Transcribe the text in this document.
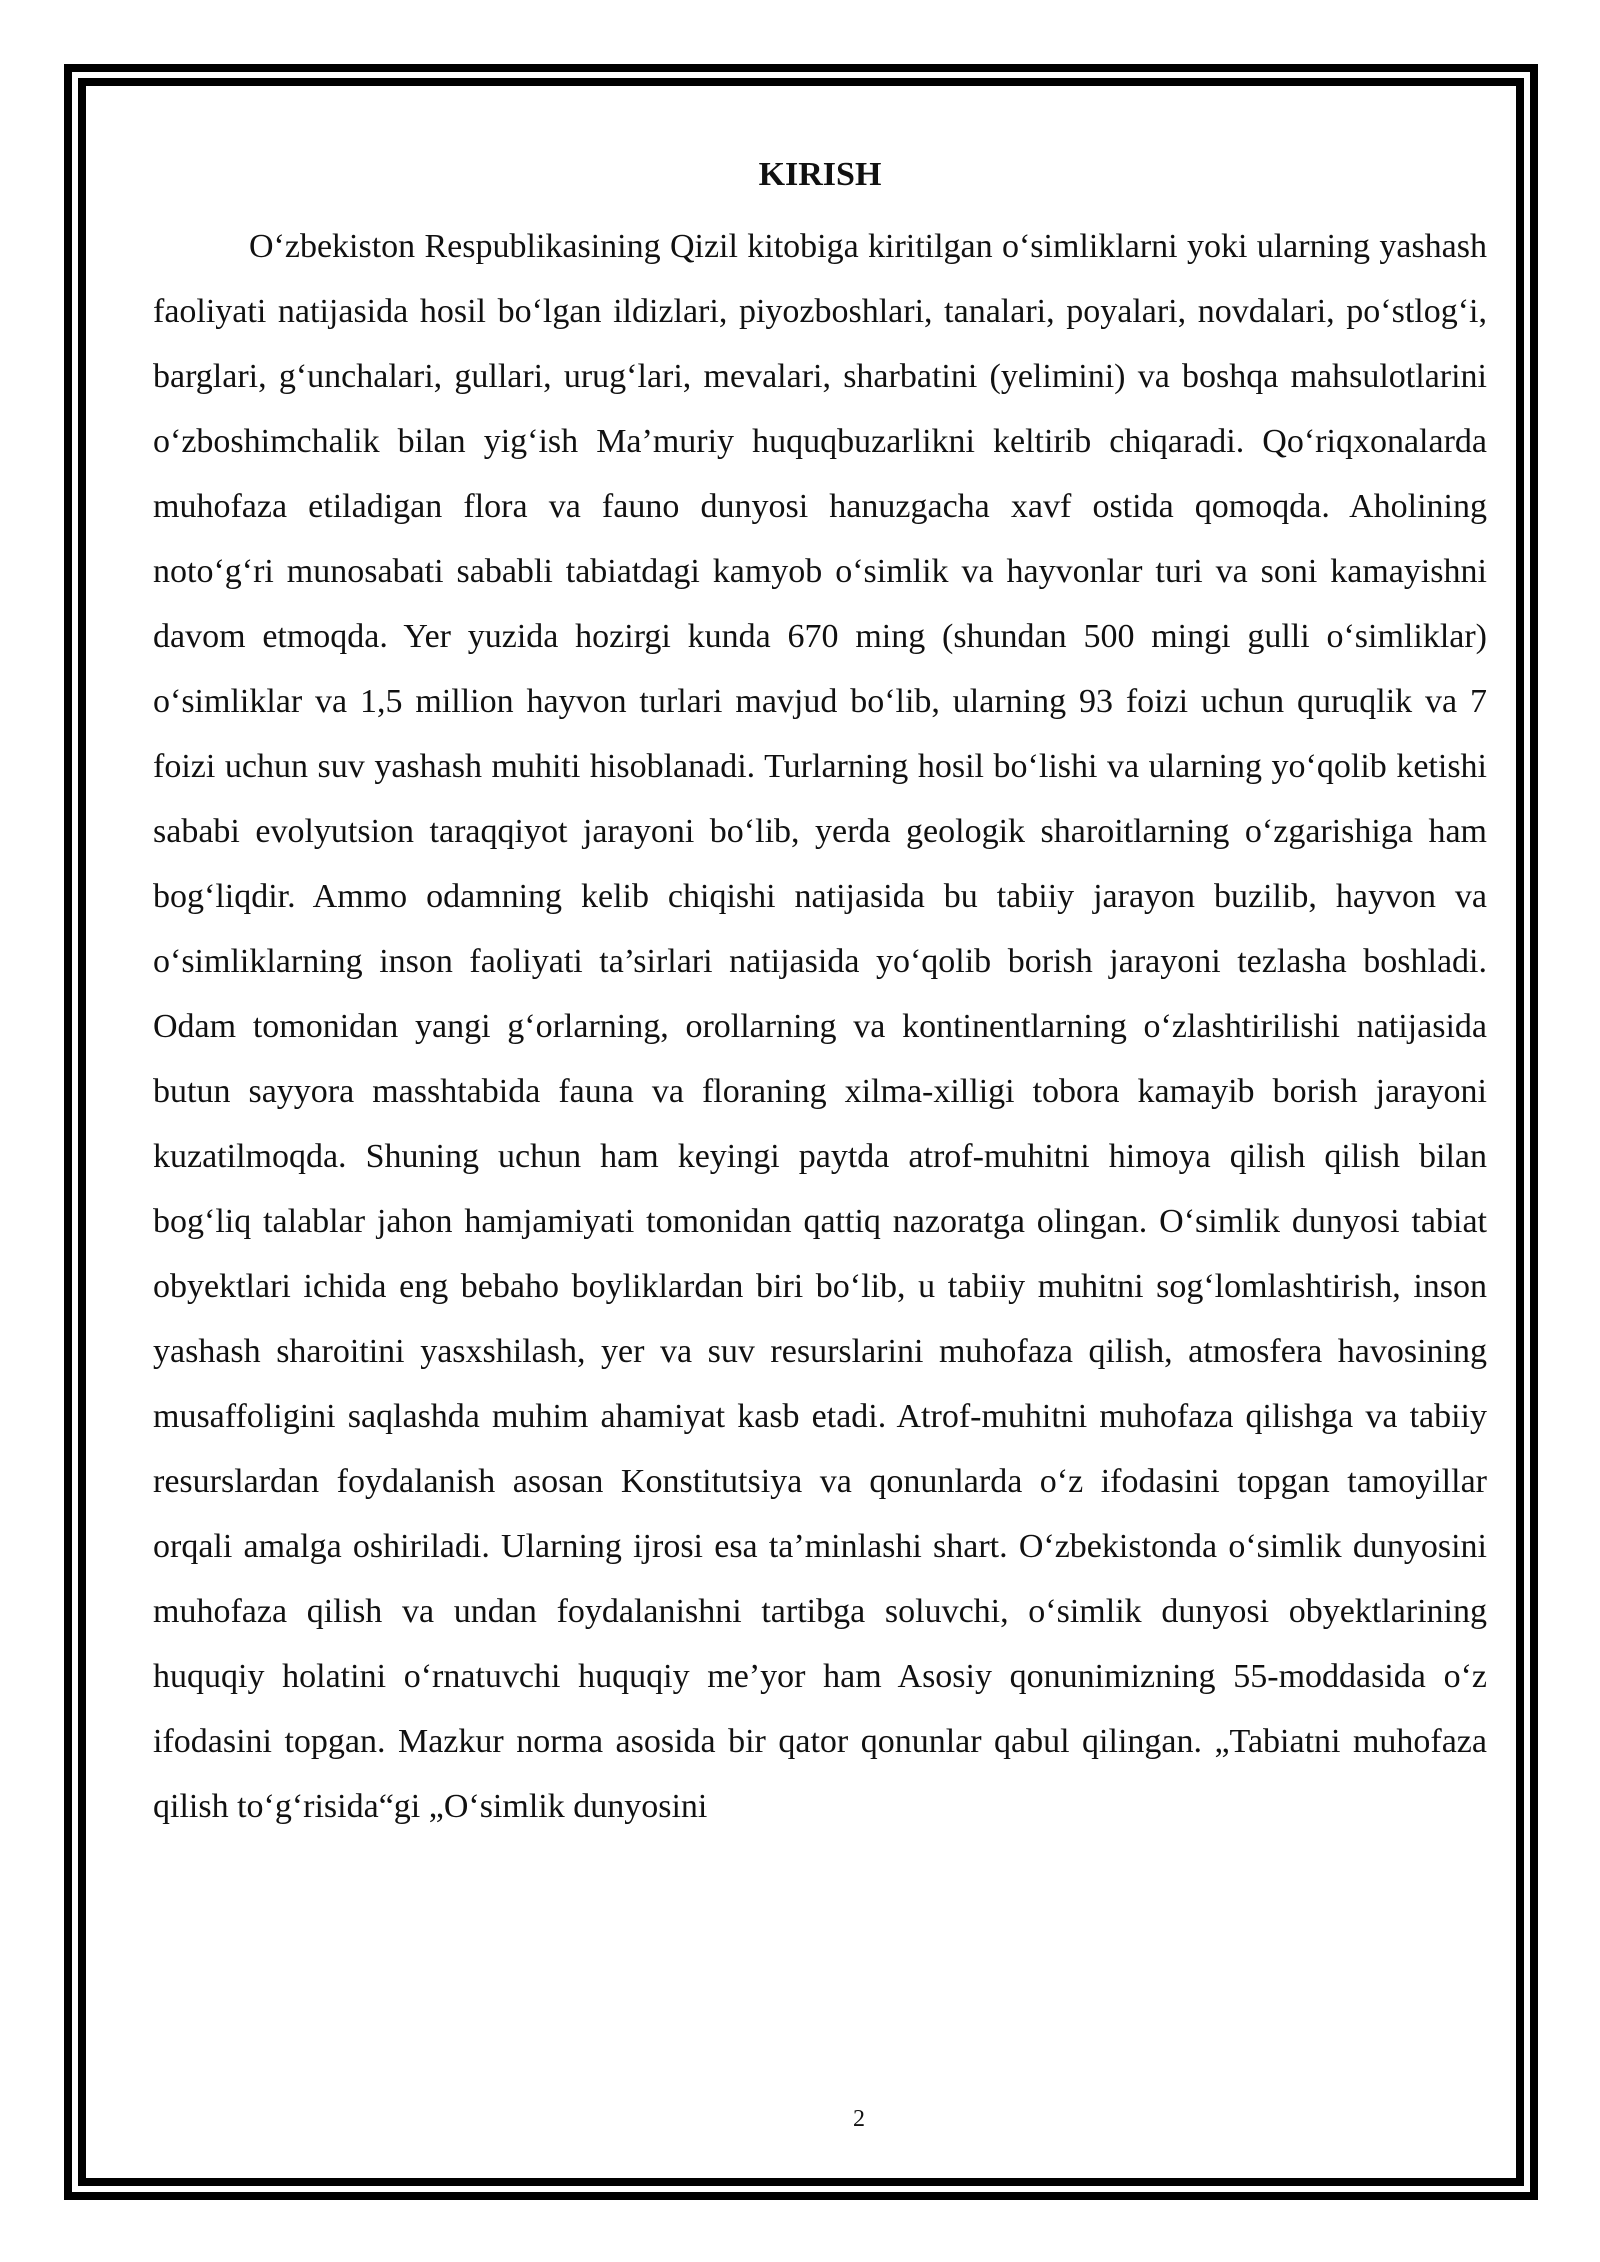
KIRISH

O‘zbekiston Respublikasining Qizil kitobiga kiritilgan o‘simliklarni yoki ularning yashash faoliyati natijasida hosil bo‘lgan ildizlari, piyozboshlari, tanalari, poyalari, novdalari, po‘stlog‘i, barglari, g‘unchalari, gullari, urug‘lari, mevalari, sharbatini (yelimini) va boshqa mahsulotlarini o‘zboshimchalik bilan yig‘ish Ma’muriy huquqbuzarlikni keltirib chiqaradi. Qo‘riqxonalarda muhofaza etiladigan flora va fauno dunyosi hanuzgacha xavf ostida qomoqda. Aholining noto‘g‘ri munosabati sababli tabiatdagi kamyob o‘simlik va hayvonlar turi va soni kamayishni davom etmoqda. Yer yuzida hozirgi kunda 670 ming (shundan 500 mingi gulli o‘simliklar) o‘simliklar va 1,5 million hayvon turlari mavjud bo‘lib, ularning 93 foizi uchun quruqlik va 7 foizi uchun suv yashash muhiti hisoblanadi. Turlarning hosil bo‘lishi va ularning yo‘qolib ketishi sababi evolyutsion taraqqiyot jarayoni bo‘lib, yerda geologik sharoitlarning o‘zgarishiga ham bog‘liqdir. Ammo odamning kelib chiqishi natijasida bu tabiiy jarayon buzilib, hayvon va o‘simliklarning inson faoliyati ta’sirlari natijasida yo‘qolib borish jarayoni tezlasha boshladi. Odam tomonidan yangi g‘orlarning, orollarning va kontinentlarning o‘zlashtirilishi natijasida butun sayyora masshtabida fauna va floraning xilma-xilligi tobora kamayib borish jarayoni kuzatilmoqda. Shuning uchun ham keyingi paytda atrof-muhitni himoya qilish qilish bilan bog‘liq talablar jahon hamjamiyati tomonidan qattiq nazoratga olingan. O‘simlik dunyosi tabiat obyektlari ichida eng bebaho boyliklardan biri bo‘lib, u tabiiy muhitni sog‘lomlashtirish, inson yashash sharoitini yasxshilash, yer va suv resurslarini muhofaza qilish, atmosfera havosining musaffoligini saqlashda muhim ahamiyat kasb etadi. Atrof-muhitni muhofaza qilishga va tabiiy resurslardan foydalanish asosan Konstitutsiya va qonunlarda o‘z ifodasini topgan tamoyillar orqali amalga oshiriladi. Ularning ijrosi esa ta’minlashi shart. O‘zbekistonda o‘simlik dunyosini muhofaza qilish va undan foydalanishni tartibga soluvchi, o‘simlik dunyosi obyektlarining huquqiy holatini o‘rnatuvchi huquqiy me’yor ham Asosiy qonunimizning 55-moddasida o‘z ifodasini topgan. Mazkur norma asosida bir qator qonunlar qabul qilingan. „Tabiatni muhofaza qilish to‘g‘risida“gi „O‘simlik dunyosini

2
